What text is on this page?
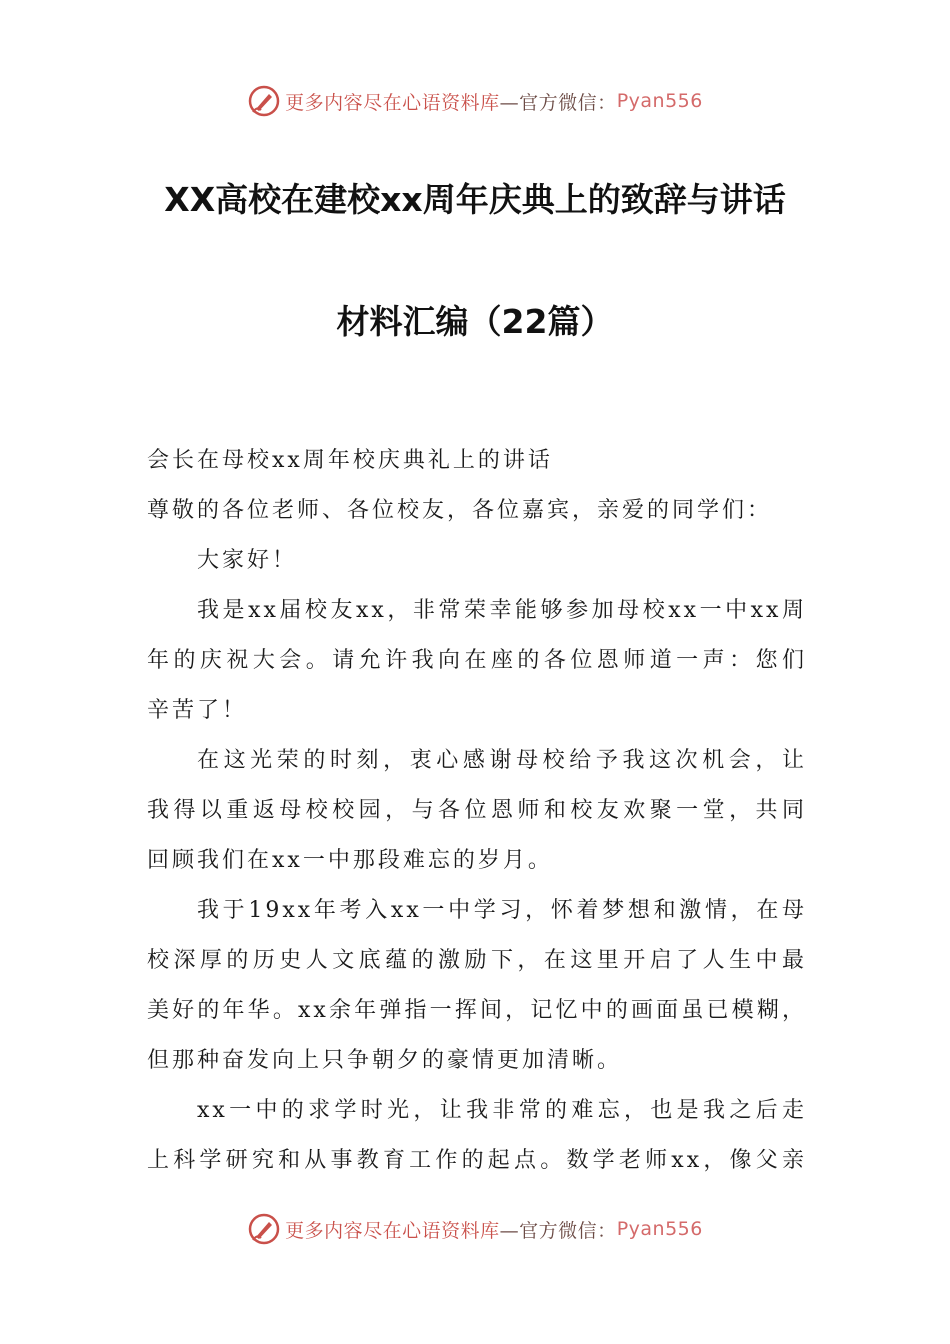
更多内容尽在心语资料库 —官方微信： Pyan556
XX高校在建校xx周年庆典上的致辞与讲话
材料汇编（22篇）
会长在母校xx周年校庆典礼上的讲话
尊敬的各位老师、各位校友，各位嘉宾，亲爱的同学们：
大家好！
我是xx届校友xx，非常荣幸能够参加母校xx一中xx周
年的庆祝大会。请允许我向在座的各位恩师道一声：您们
辛苦了！
在这光荣的时刻，衷心感谢母校给予我这次机会，让
我得以重返母校校园，与各位恩师和校友欢聚一堂，共同
回顾我们在xx一中那段难忘的岁月。
我于19xx年考入xx一中学习，怀着梦想和激情，在母
校深厚的历史人文底蕴的激励下，在这里开启了人生中最
美好的年华。xx余年弹指一挥间，记忆中的画面虽已模糊，
但那种奋发向上只争朝夕的豪情更加清晰。
xx一中的求学时光，让我非常的难忘，也是我之后走
上科学研究和从事教育工作的起点。数学老师xx，像父亲
更多内容尽在心语资料库 —官方微信： Pyan556
